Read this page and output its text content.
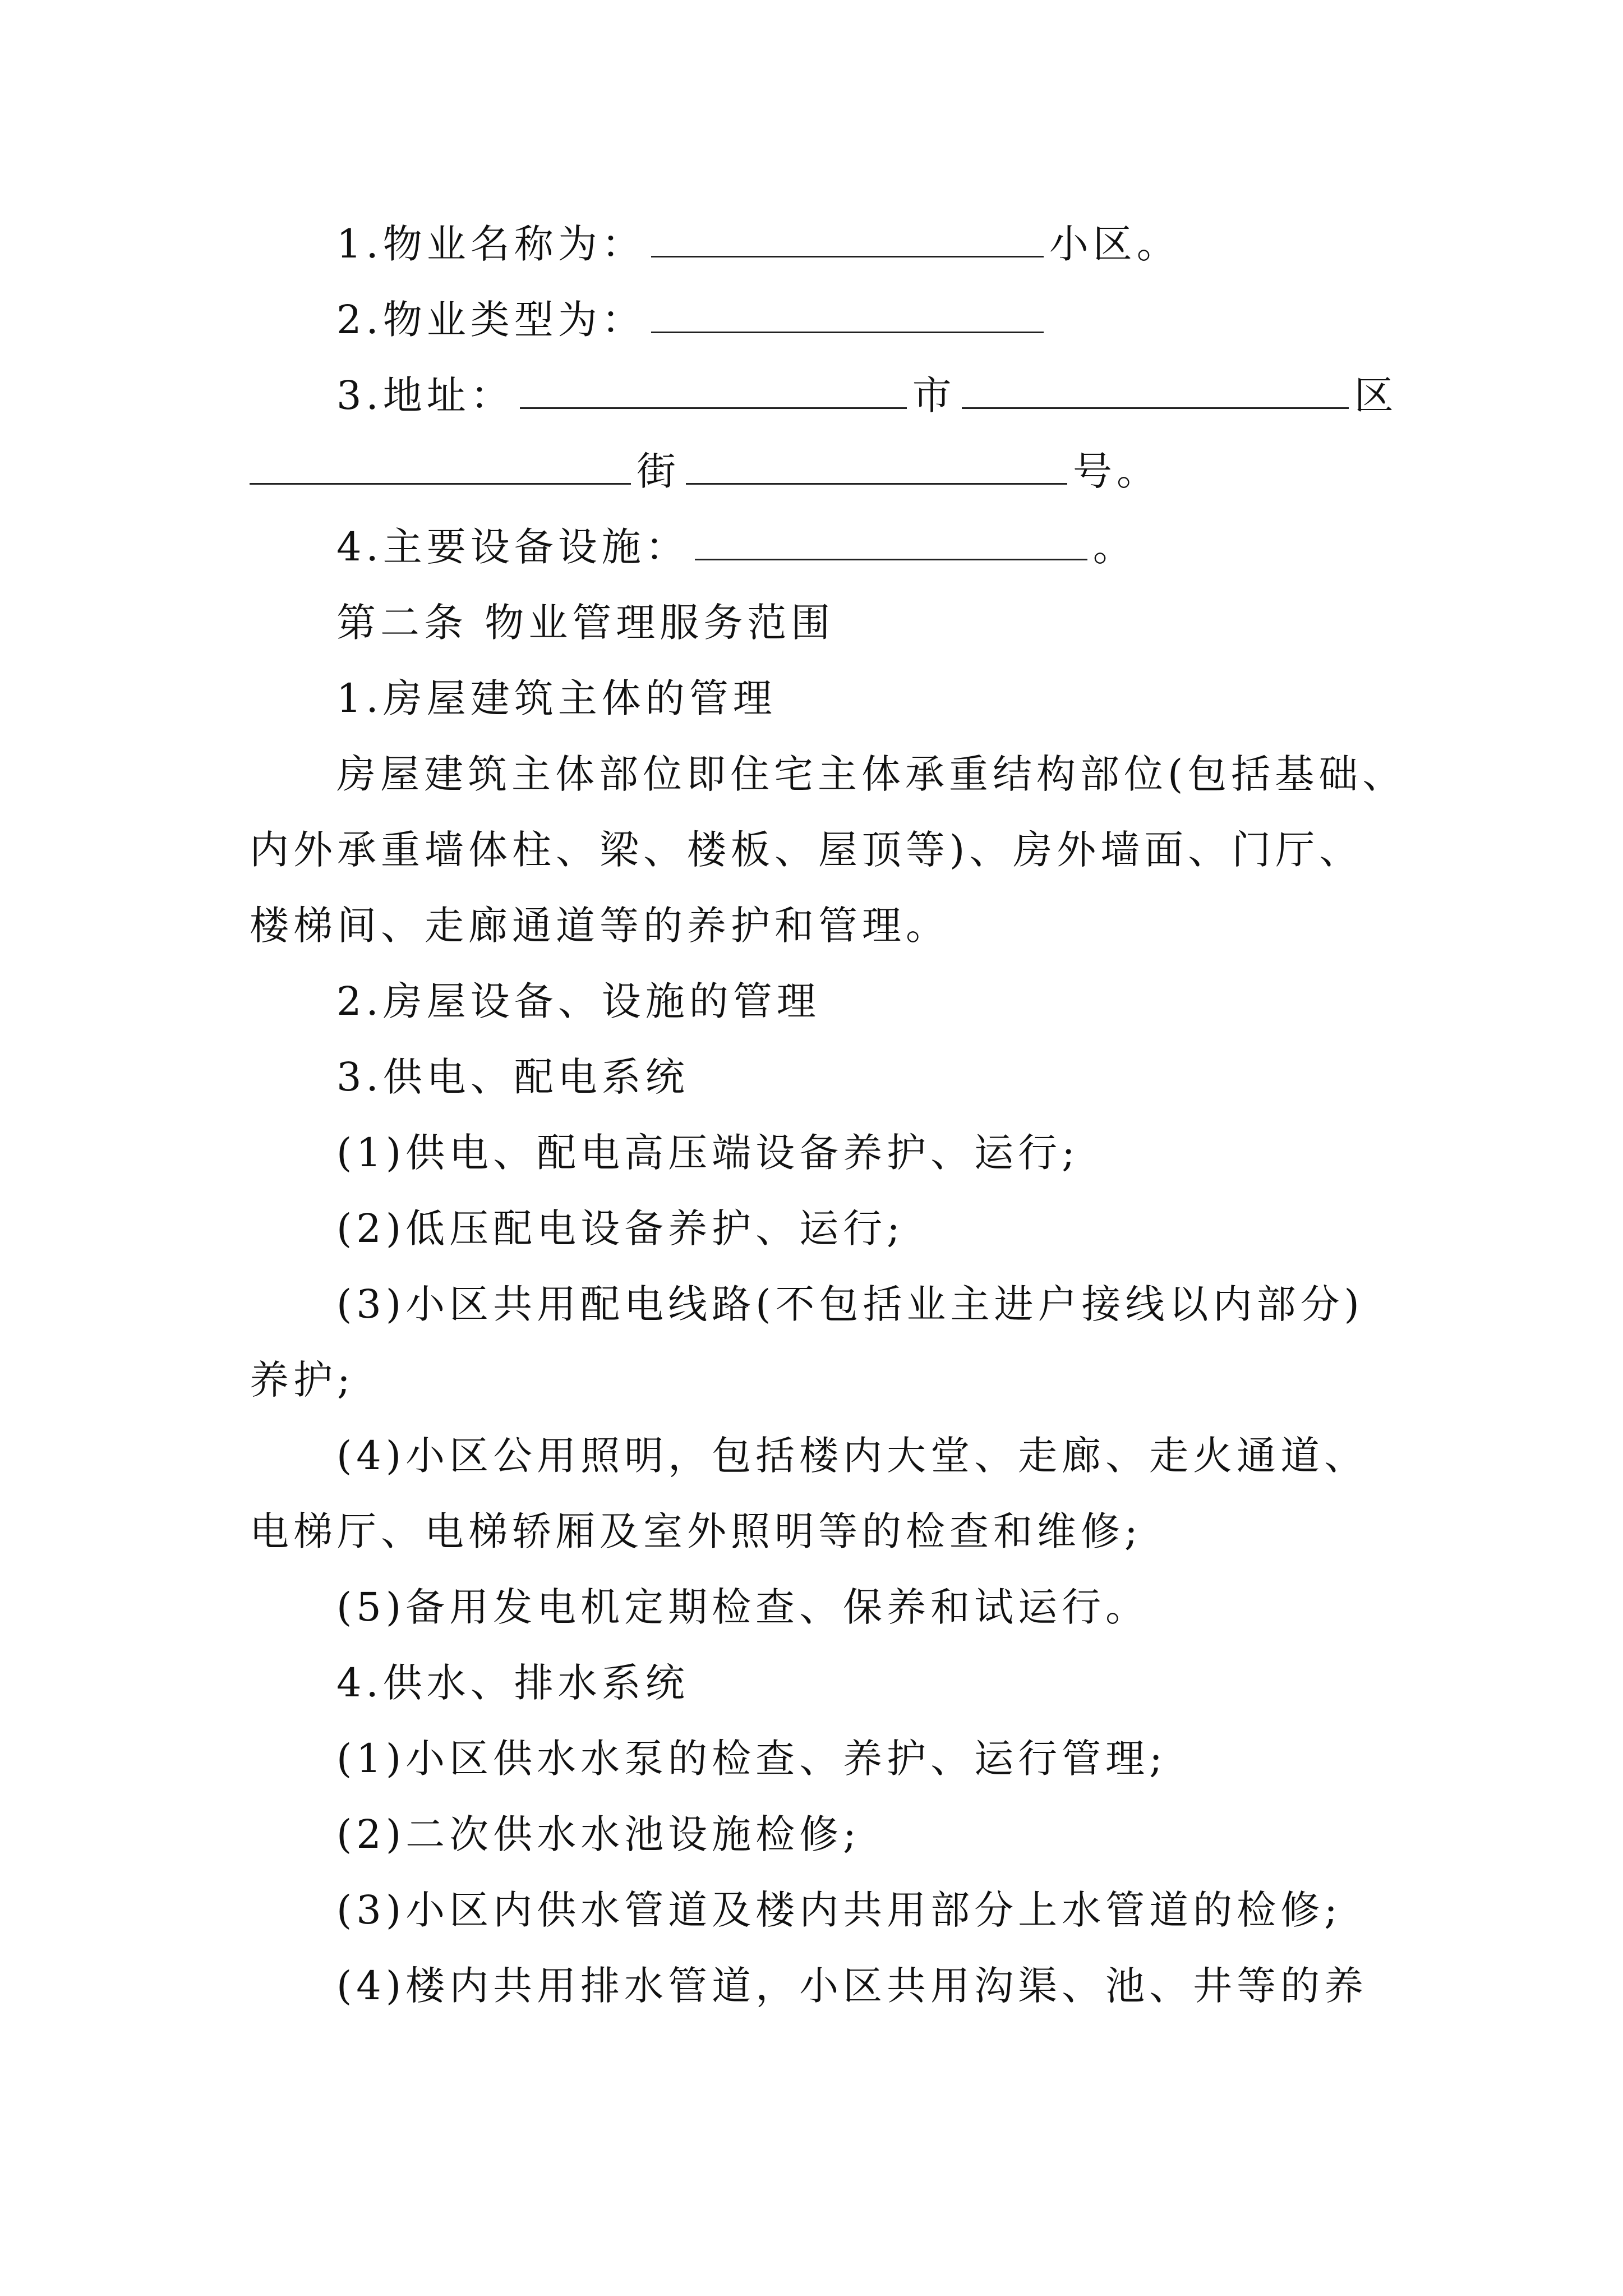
1.物业名称为：	小区。
2.物业类型为：
3.地址：	市	区
街	号。
4.主要设备设施：	。
第二条 物业管理服务范围
1.房屋建筑主体的管理
房屋建筑主体部位即住宅主体承重结构部位(包括基础、
内外承重墙体柱、梁、楼板、屋顶等)、房外墙面、门厅、
楼梯间、走廊通道等的养护和管理。
2.房屋设备、设施的管理
3.供电、配电系统
(1)供电、配电高压端设备养护、运行;
(2)低压配电设备养护、运行;
(3)小区共用配电线路(不包括业主进户接线以内部分)
养护;
(4)小区公用照明，包括楼内大堂、走廊、走火通道、
电梯厅、电梯轿厢及室外照明等的检查和维修;
(5)备用发电机定期检查、保养和试运行。
4.供水、排水系统
(1)小区供水水泵的检查、养护、运行管理;
(2)二次供水水池设施检修;
(3)小区内供水管道及楼内共用部分上水管道的检修;
(4)楼内共用排水管道，小区共用沟渠、池、井等的养
